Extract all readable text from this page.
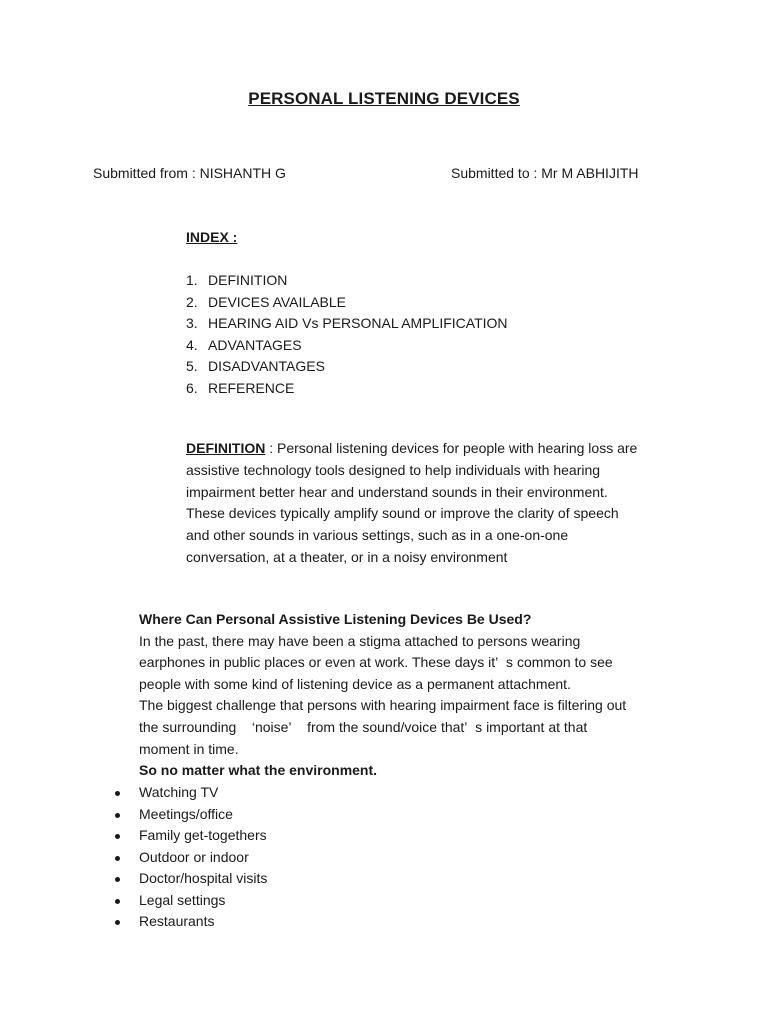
PERSONAL LISTENING DEVICES
Submitted from : NISHANTH G	Submitted to : Mr M ABHIJITH
INDEX :
1. DEFINITION
2. DEVICES AVAILABLE
3. HEARING AID Vs PERSONAL AMPLIFICATION
4. ADVANTAGES
5. DISADVANTAGES
6. REFERENCE
DEFINITION : Personal listening devices for people with hearing loss are
assistive technology tools designed to help individuals with hearing
impairment better hear and understand sounds in their environment.
These devices typically amplify sound or improve the clarity of speech
and other sounds in various settings, such as in a one-on-one
conversation, at a theater, or in a noisy environment
Where Can Personal Assistive Listening Devices Be Used?
In the past, there may have been a stigma attached to persons wearing
earphones in public places or even at work. These days it’  s common to see
people with some kind of listening device as a permanent attachment.
The biggest challenge that persons with hearing impairment face is filtering out
the surrounding    ‘noise’    from the sound/voice that’  s important at that
moment in time.
So no matter what the environment.
Watching TV
Meetings/office
Family get-togethers
Outdoor or indoor
Doctor/hospital visits
Legal settings
Restaurants
